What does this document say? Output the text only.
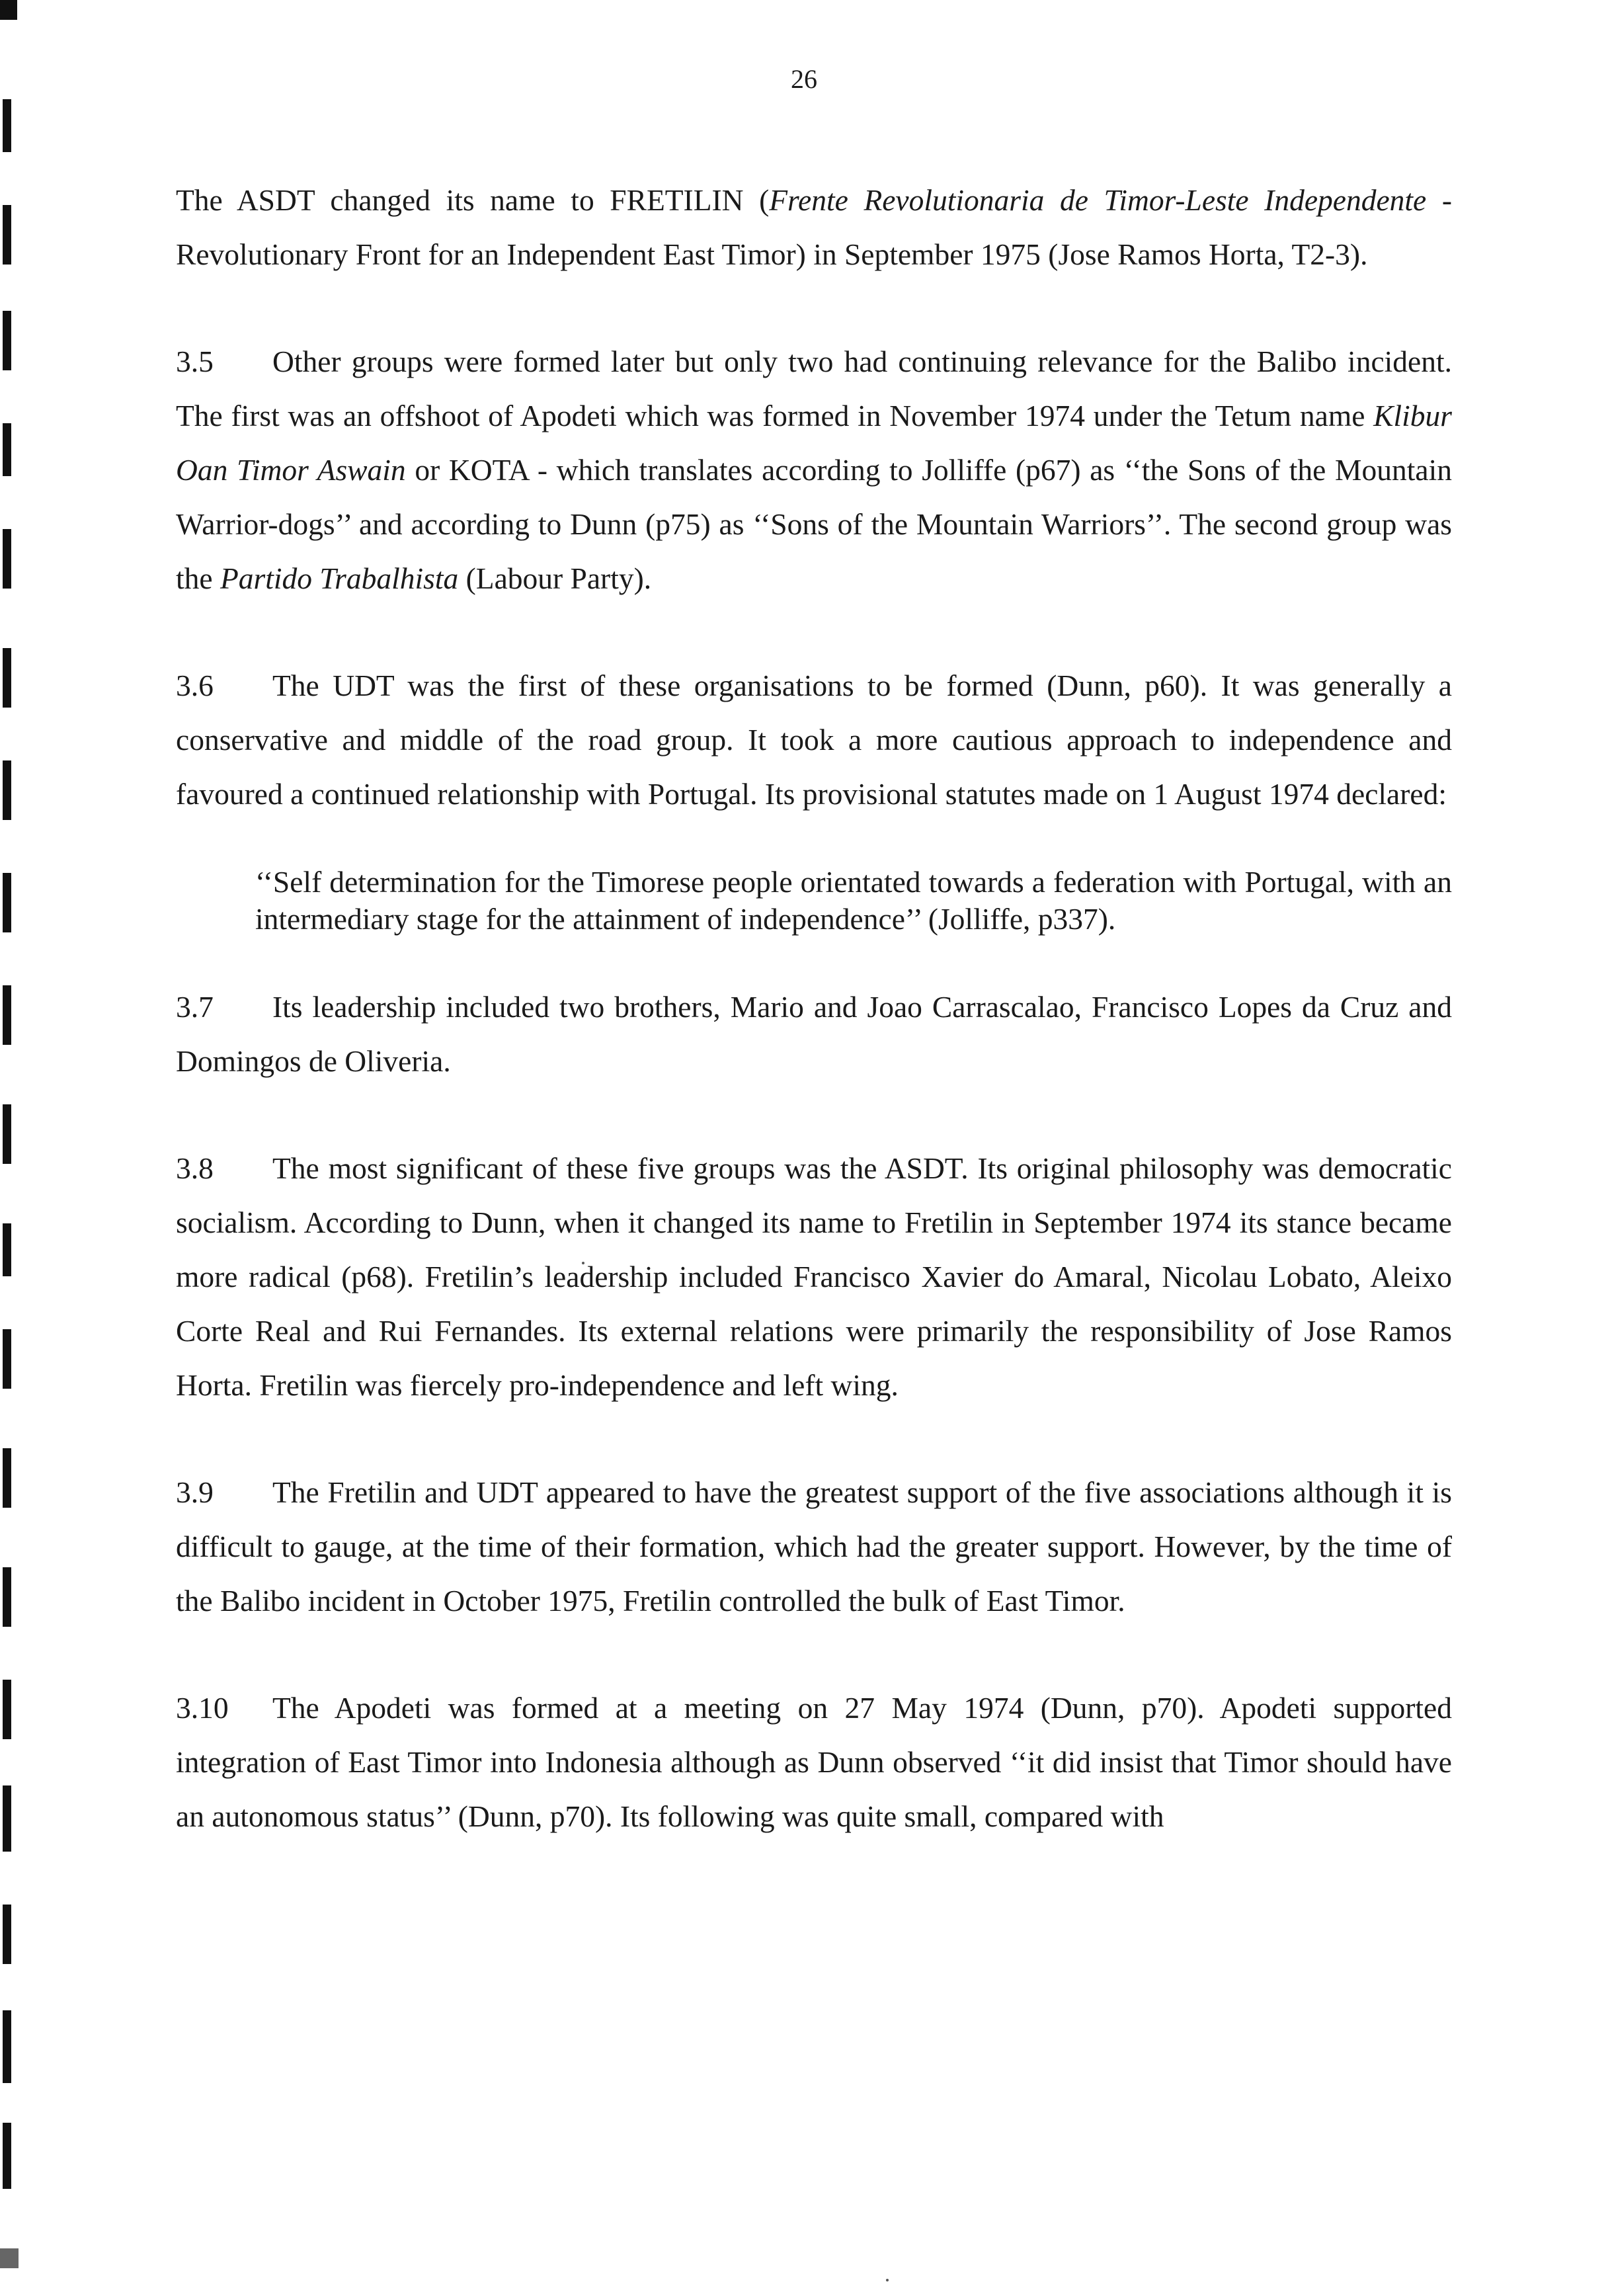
26

The ASDT changed its name to FRETILIN (Frente Revolutionaria de Timor-Leste Independente - Revolutionary Front for an Independent East Timor) in September 1975 (Jose Ramos Horta, T2-3).

3.5 Other groups were formed later but only two had continuing relevance for the Balibo incident. The first was an offshoot of Apodeti which was formed in November 1974 under the Tetum name Klibur Oan Timor Aswain or KOTA - which translates according to Jolliffe (p67) as ‘‘the Sons of the Mountain Warrior-dogs’’ and according to Dunn (p75) as ‘‘Sons of the Mountain Warriors’’. The second group was the Partido Trabalhista (Labour Party).

3.6 The UDT was the first of these organisations to be formed (Dunn, p60). It was generally a conservative and middle of the road group. It took a more cautious approach to independence and favoured a continued relationship with Portugal. Its provisional statutes made on 1 August 1974 declared:

‘‘Self determination for the Timorese people orientated towards a federation with Portugal, with an intermediary stage for the attainment of independence’’ (Jolliffe, p337).

3.7 Its leadership included two brothers, Mario and Joao Carrascalao, Francisco Lopes da Cruz and Domingos de Oliveria.

3.8 The most significant of these five groups was the ASDT. Its original philosophy was democratic socialism. According to Dunn, when it changed its name to Fretilin in September 1974 its stance became more radical (p68). Fretilin’s leadership included Francisco Xavier do Amaral, Nicolau Lobato, Aleixo Corte Real and Rui Fernandes. Its external relations were primarily the responsibility of Jose Ramos Horta. Fretilin was fiercely pro-independence and left wing.

3.9 The Fretilin and UDT appeared to have the greatest support of the five associations although it is difficult to gauge, at the time of their formation, which had the greater support. However, by the time of the Balibo incident in October 1975, Fretilin controlled the bulk of East Timor.

3.10 The Apodeti was formed at a meeting on 27 May 1974 (Dunn, p70). Apodeti supported integration of East Timor into Indonesia although as Dunn observed ‘‘it did insist that Timor should have an autonomous status’’ (Dunn, p70). Its following was quite small, compared with
